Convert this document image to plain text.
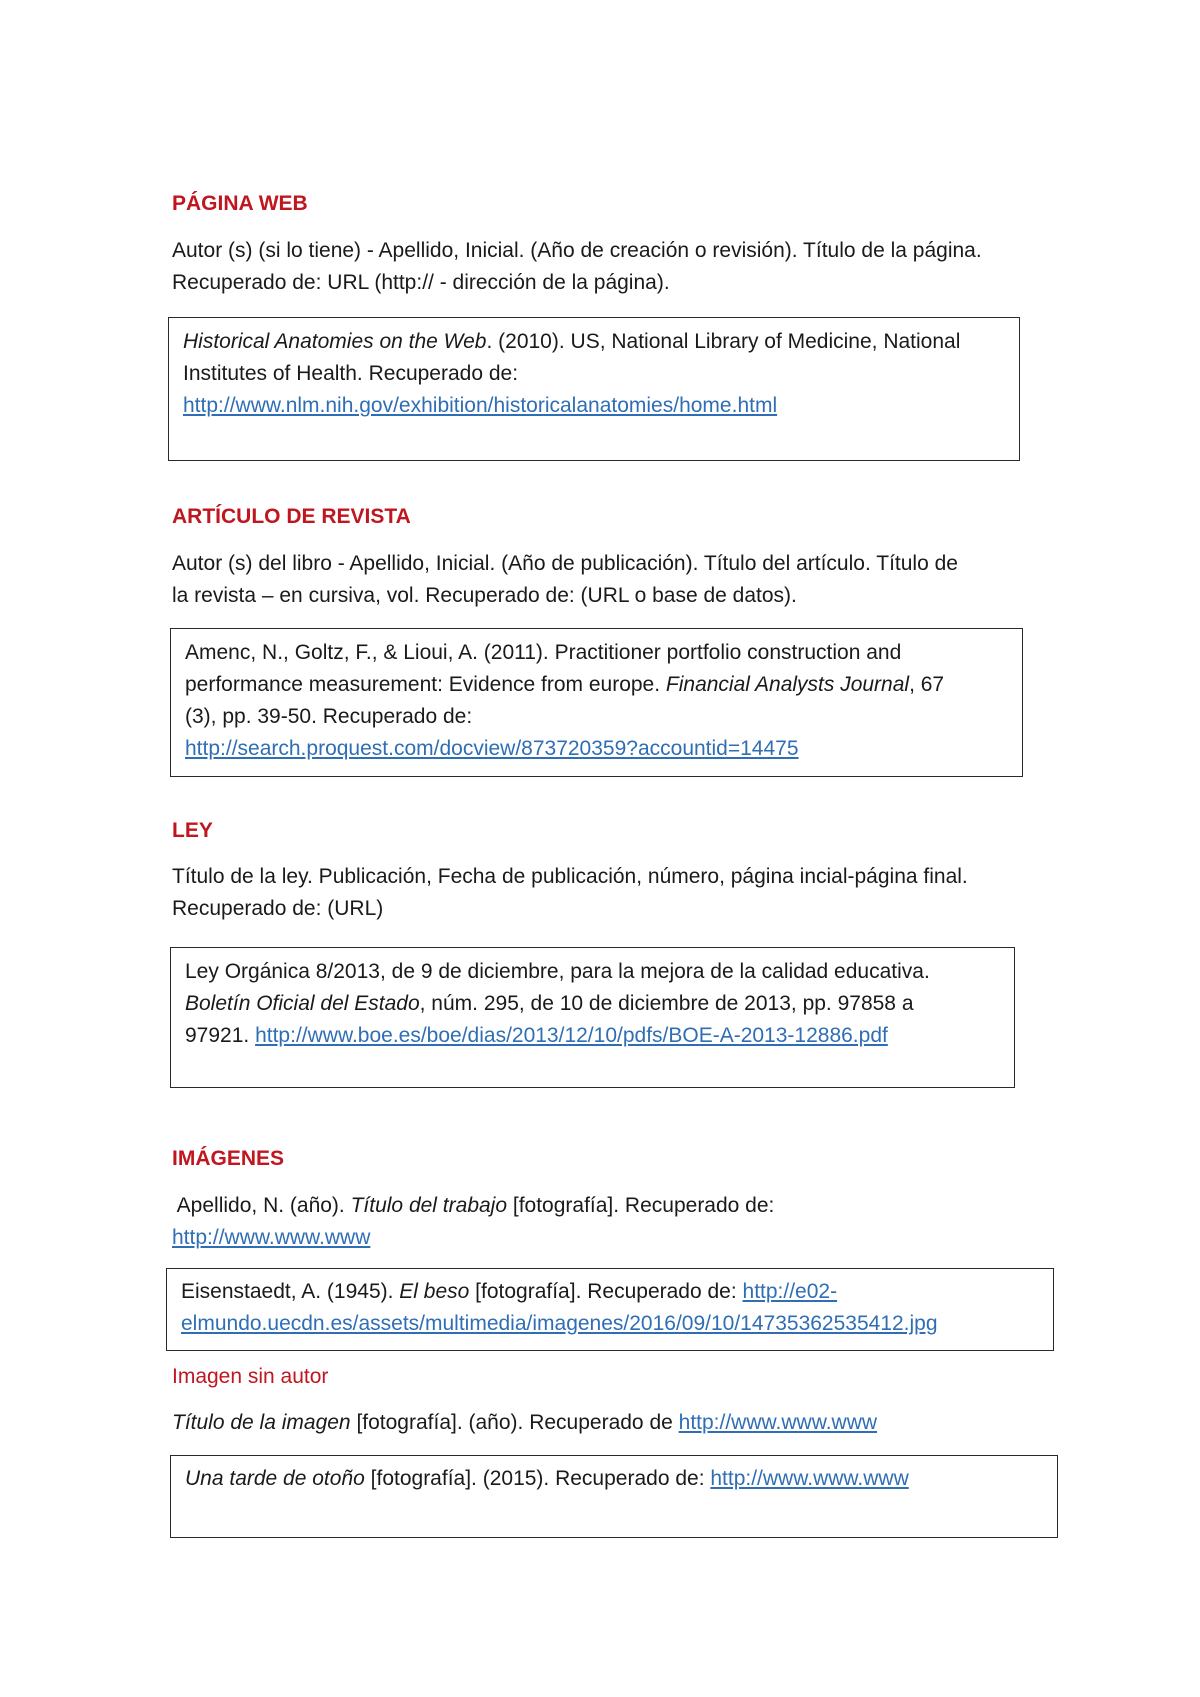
PÁGINA WEB
Autor (s) (si lo tiene) - Apellido, Inicial. (Año de creación o revisión). Título de la página.
Recuperado de: URL (http:// - dirección de la página).
Historical Anatomies on the Web. (2010). US, National Library of Medicine, National
Institutes of Health. Recuperado de:
http://www.nlm.nih.gov/exhibition/historicalanatomies/home.html
ARTÍCULO DE REVISTA
Autor (s) del libro - Apellido, Inicial. (Año de publicación). Título del artículo. Título de
la revista – en cursiva, vol. Recuperado de: (URL o base de datos).
Amenc, N., Goltz, F., & Lioui, A. (2011). Practitioner portfolio construction and
performance measurement: Evidence from europe. Financial Analysts Journal, 67
(3), pp. 39-50. Recuperado de:
http://search.proquest.com/docview/873720359?accountid=14475
LEY
Título de la ley. Publicación, Fecha de publicación, número, página incial-página final.
Recuperado de: (URL)
Ley Orgánica 8/2013, de 9 de diciembre, para la mejora de la calidad educativa.
Boletín Oficial del Estado, núm. 295, de 10 de diciembre de 2013, pp. 97858 a
97921. http://www.boe.es/boe/dias/2013/12/10/pdfs/BOE-A-2013-12886.pdf
IMÁGENES
Apellido, N. (año). Título del trabajo [fotografía]. Recuperado de:
http://www.www.www
Eisenstaedt, A. (1945). El beso [fotografía]. Recuperado de: http://e02-
elmundo.uecdn.es/assets/multimedia/imagenes/2016/09/10/14735362535412.jpg
Imagen sin autor
Título de la imagen [fotografía]. (año). Recuperado de http://www.www.www
Una tarde de otoño [fotografía]. (2015). Recuperado de: http://www.www.www
